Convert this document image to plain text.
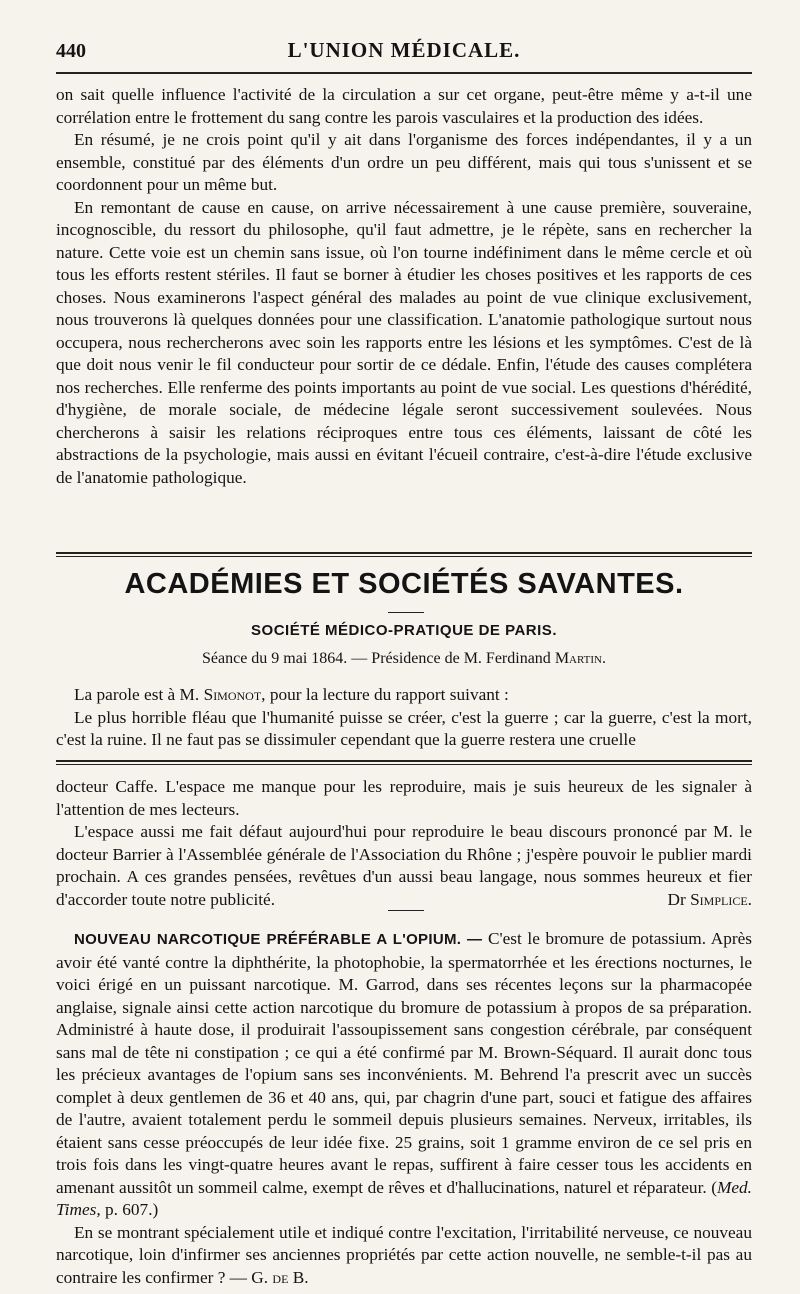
440	L'UNION MÉDICALE.

on sait quelle influence l'activité de la circulation a sur cet organe, peut-être même y a-t-il une corrélation entre le frottement du sang contre les parois vasculaires et la production des idées.

En résumé, je ne crois point qu'il y ait dans l'organisme des forces indépendantes, il y a un ensemble, constitué par des éléments d'un ordre un peu différent, mais qui tous s'unissent et se coordonnent pour un même but.

En remontant de cause en cause, on arrive nécessairement à une cause première, souveraine, incognoscible, du ressort du philosophe, qu'il faut admettre, je le répète, sans en rechercher la nature. Cette voie est un chemin sans issue, où l'on tourne indéfiniment dans le même cercle et où tous les efforts restent stériles. Il faut se borner à étudier les choses positives et les rapports de ces choses. Nous examinerons l'aspect général des malades au point de vue clinique exclusivement, nous trouverons là quelques données pour une classification. L'anatomie pathologique surtout nous occupera, nous rechercherons avec soin les rapports entre les lésions et les symptômes. C'est de là que doit nous venir le fil conducteur pour sortir de ce dédale. Enfin, l'étude des causes complétera nos recherches. Elle renferme des points importants au point de vue social. Les questions d'hérédité, d'hygiène, de morale sociale, de médecine légale seront successivement soulevées. Nous chercherons à saisir les relations réciproques entre tous ces éléments, laissant de côté les abstractions de la psychologie, mais aussi en évitant l'écueil contraire, c'est-à-dire l'étude exclusive de l'anatomie pathologique.

ACADÉMIES ET SOCIÉTÉS SAVANTES.
SOCIÉTÉ MÉDICO-PRATIQUE DE PARIS.
Séance du 9 mai 1864. — Présidence de M. Ferdinand Martin.

La parole est à M. Simonot, pour la lecture du rapport suivant :

Le plus horrible fléau que l'humanité puisse se créer, c'est la guerre ; car la guerre, c'est la mort, c'est la ruine. Il ne faut pas se dissimuler cependant que la guerre restera une cruelle

docteur Caffe. L'espace me manque pour les reproduire, mais je suis heureux de les signaler à l'attention de mes lecteurs.

L'espace aussi me fait défaut aujourd'hui pour reproduire le beau discours prononcé par M. le docteur Barrier à l'Assemblée générale de l'Association du Rhône ; j'espère pouvoir le publier mardi prochain. A ces grandes pensées, revêtues d'un aussi beau langage, nous sommes heureux et fier d'accorder toute notre publicité.	Dr Simplice.

NOUVEAU NARCOTIQUE PRÉFÉRABLE A L'OPIUM. — C'est le bromure de potassium. Après avoir été vanté contre la diphthérite, la photophobie, la spermatorrhée et les érections nocturnes, le voici érigé en un puissant narcotique. M. Garrod, dans ses récentes leçons sur la pharmacopée anglaise, signale ainsi cette action narcotique du bromure de potassium à propos de sa préparation. Administré à haute dose, il produirait l'assoupissement sans congestion cérébrale, par conséquent sans mal de tête ni constipation ; ce qui a été confirmé par M. Brown-Séquard. Il aurait donc tous les précieux avantages de l'opium sans ses inconvénients. M. Behrend l'a prescrit avec un succès complet à deux gentlemen de 36 et 40 ans, qui, par chagrin d'une part, souci et fatigue des affaires de l'autre, avaient totalement perdu le sommeil depuis plusieurs semaines. Nerveux, irritables, ils étaient sans cesse préoccupés de leur idée fixe. 25 grains, soit 1 gramme environ de ce sel pris en trois fois dans les vingt-quatre heures avant le repas, suffirent à faire cesser tous les accidents en amenant aussitôt un sommeil calme, exempt de rêves et d'hallucinations, naturel et réparateur. (Med. Times, p. 607.)

En se montrant spécialement utile et indiqué contre l'excitation, l'irritabilité nerveuse, ce nouveau narcotique, loin d'infirmer ses anciennes propriétés par cette action nouvelle, ne semble-t-il pas au contraire les confirmer ? — G. de B.
